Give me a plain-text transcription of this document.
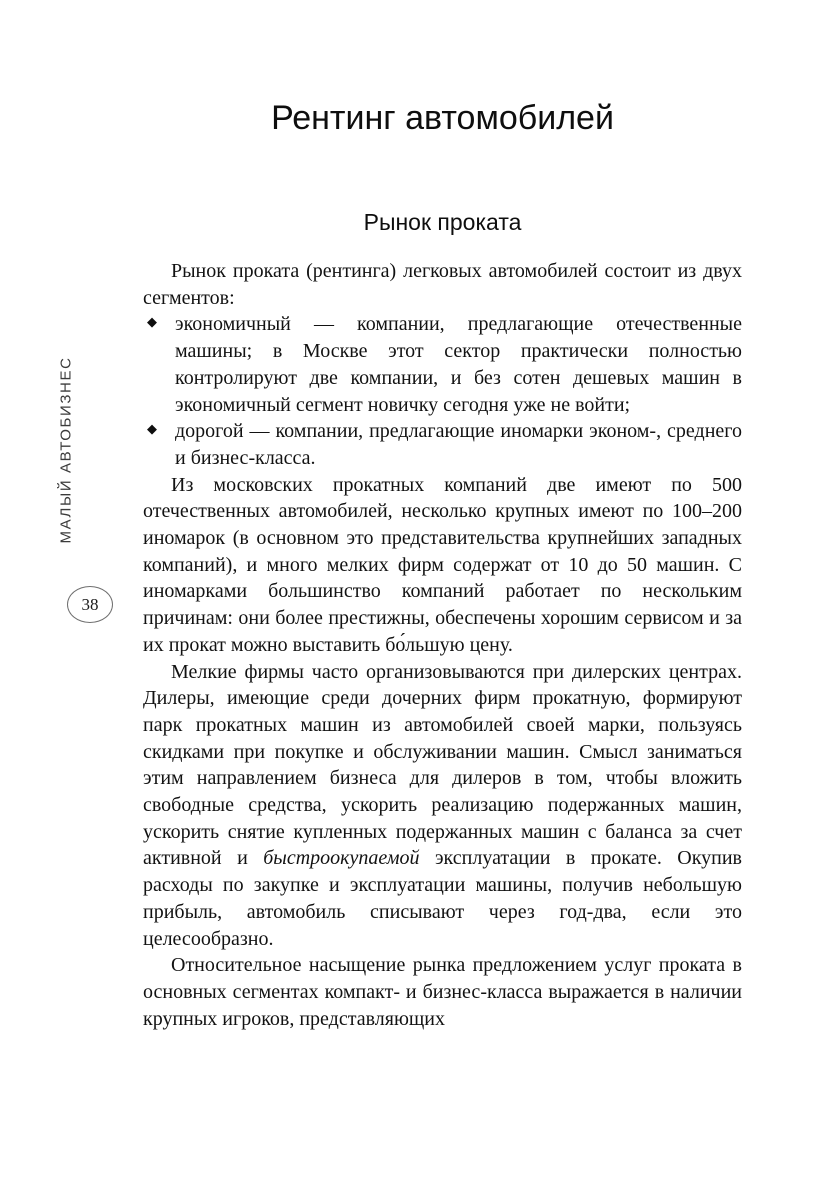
МАЛЫЙ АВТОБИЗНЕС
38
Рентинг автомобилей
Рынок проката

Рынок проката (рентинга) легковых автомобилей состоит из двух сегментов:

◆ экономичный — компании, предлагающие отечественные машины; в Москве этот сектор практически полностью контролируют две компании, и без сотен дешевых машин в экономичный сегмент новичку сегодня уже не войти;
◆ дорогой — компании, предлагающие иномарки эконом-, среднего и бизнес-класса.

Из московских прокатных компаний две имеют по 500 отечественных автомобилей, несколько крупных имеют по 100–200 иномарок (в основном это представительства крупнейших западных компаний), и много мелких фирм содержат от 10 до 50 машин. С иномарками большинство компаний работает по нескольким причинам: они более престижны, обеспечены хорошим сервисом и за их прокат можно выставить бо́льшую цену.

Мелкие фирмы часто организовываются при дилерских центрах. Дилеры, имеющие среди дочерних фирм прокатную, формируют парк прокатных машин из автомобилей своей марки, пользуясь скидками при покупке и обслуживании машин. Смысл заниматься этим направлением бизнеса для дилеров в том, чтобы вложить свободные средства, ускорить реализацию подержанных машин, ускорить снятие купленных подержанных машин с баланса за счет активной и быстроокупаемой эксплуатации в прокате. Окупив расходы по закупке и эксплуатации машины, получив небольшую прибыль, автомобиль списывают через год-два, если это целесообразно.

Относительное насыщение рынка предложением услуг проката в основных сегментах компакт- и бизнес-класса выражается в наличии крупных игроков, представляющих
